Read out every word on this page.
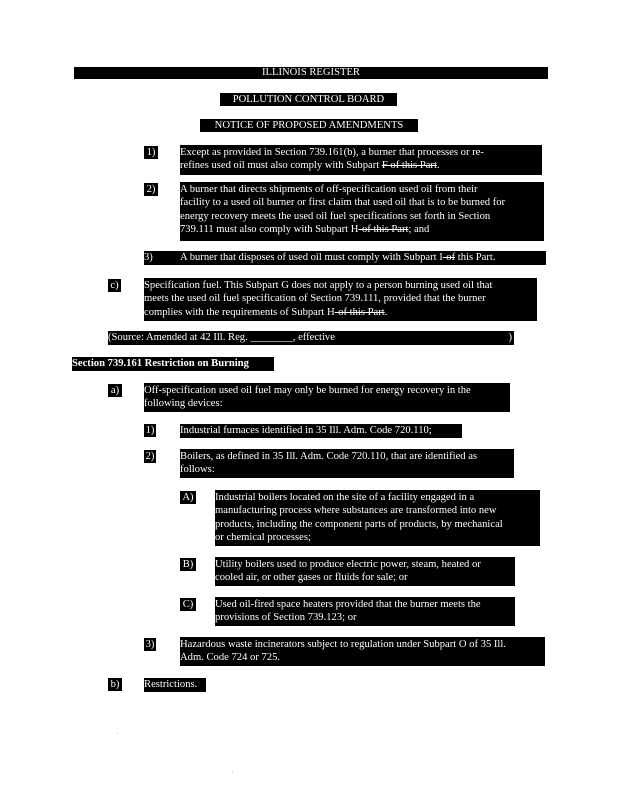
ILLINOIS REGISTER
POLLUTION CONTROL BOARD
NOTICE OF PROPOSED AMENDMENTS
1) Except as provided in Section 739.161(b), a burner that processes or re-
refines used oil must also comply with Subpart F of this Part.
2) A burner that directs shipments of off-specification used oil from their
facility to a used oil burner or first claim that used oil that is to be burned for
energy recovery meets the used oil fuel specifications set forth in Section
739.111 must also comply with Subpart H-of this Part; and
3)	A burner that disposes of used oil must comply with Subpart I-of this Part.
c) Specification fuel. This Subpart G does not apply to a person burning used oil that
meets the used oil fuel specification of Section 739.111, provided that the burner
complies with the requirements of Subpart H-of this Part.
(Source: Amended at 42 Ill. Reg. ________, effective	)
Section 739.161 Restriction on Burning
a) Off-specification used oil fuel may only be burned for energy recovery in the
following devices:
1) Industrial furnaces identified in 35 Ill. Adm. Code 720.110;
2) Boilers, as defined in 35 Ill. Adm. Code 720.110, that are identified as
follows:
A) Industrial boilers located on the site of a facility engaged in a
manufacturing process where substances are transformed into new
products, including the component parts of products, by mechanical
or chemical processes;
B) Utility boilers used to produce electric power, steam, heated or
cooled air, or other gases or fluids for sale; or
C) Used oil-fired space heaters provided that the burner meets the
provisions of Section 739.123; or
3) Hazardous waste incinerators subject to regulation under Subpart O of 35 Ill.
Adm. Code 724 or 725.
b) Restrictions.
